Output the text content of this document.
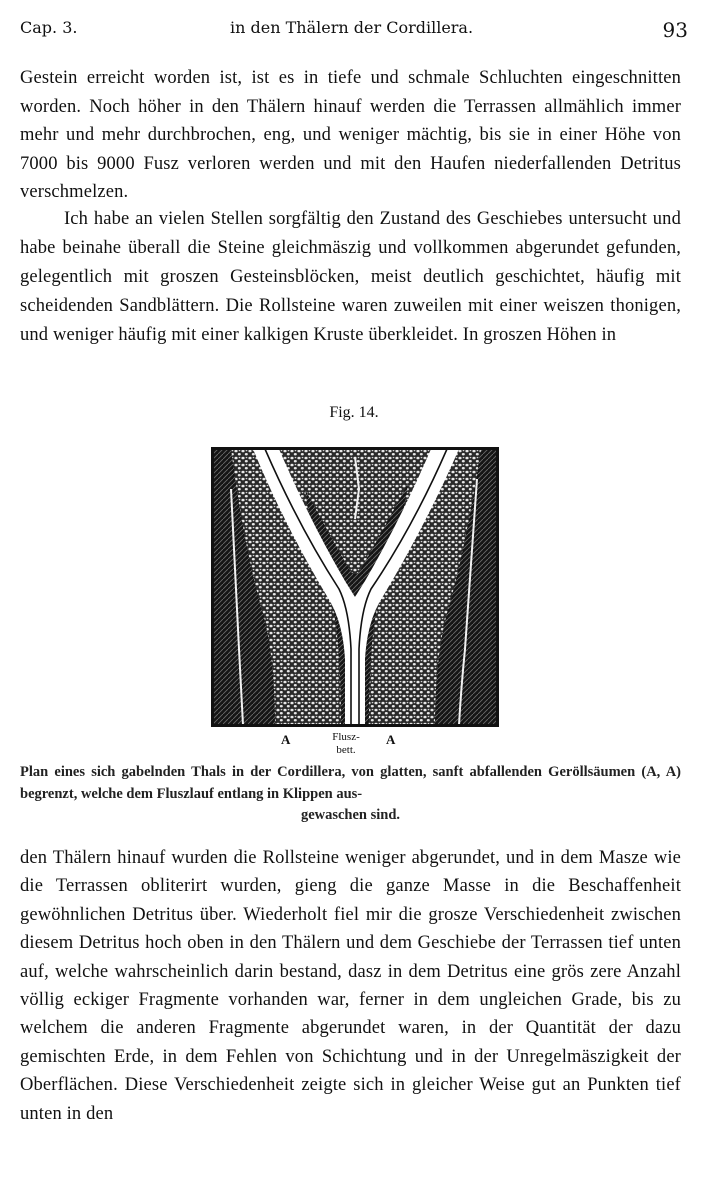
Cap. 3.	in den Thälern der Cordillera.	93

Gestein erreicht worden ist, ist es in tiefe und schmale Schluchten eingeschnitten worden. Noch höher in den Thälern hinauf werden die Terrassen allmählich immer mehr und mehr durchbrochen, eng, und weniger mächtig, bis sie in einer Höhe von 7000 bis 9000 Fusz verloren werden und mit den Haufen niederfallenden Detritus verschmelzen.

Ich habe an vielen Stellen sorgfältig den Zustand des Geschiebes untersucht und habe beinahe überall die Steine gleichmäszig und vollkommen abgerundet gefunden, gelegentlich mit groszen Gesteinsblöcken, meist deutlich geschichtet, häufig mit scheidenden Sandblättern. Die Rollsteine waren zuweilen mit einer weiszen thonigen, und weniger häufig mit einer kalkigen Kruste überkleidet. In groszen Höhen in

Fig. 14.
A	Flusz-
bett.
A
Plan eines sich gabelnden Thals in der Cordillera, von glatten, sanft abfallenden Geröllsäumen (A, A) begrenzt, welche dem Fluszlauf entlang in Klippen aus-
gewaschen sind.

den Thälern hinauf wurden die Rollsteine weniger abgerundet, und in dem Masze wie die Terrassen obliterirt wurden, gieng die ganze Masse in die Beschaffenheit gewöhnlichen Detritus über. Wiederholt fiel mir die grosze Verschiedenheit zwischen diesem Detritus hoch oben in den Thälern und dem Geschiebe der Terrassen tief unten auf, welche wahrscheinlich darin bestand, dasz in dem Detritus eine grös zere Anzahl völlig eckiger Fragmente vorhanden war, ferner in dem ungleichen Grade, bis zu welchem die anderen Fragmente abgerundet waren, in der Quantität der dazu gemischten Erde, in dem Fehlen von Schichtung und in der Unregelmäszigkeit der Oberflächen. Diese Verschiedenheit zeigte sich in gleicher Weise gut an Punkten tief unten in den
